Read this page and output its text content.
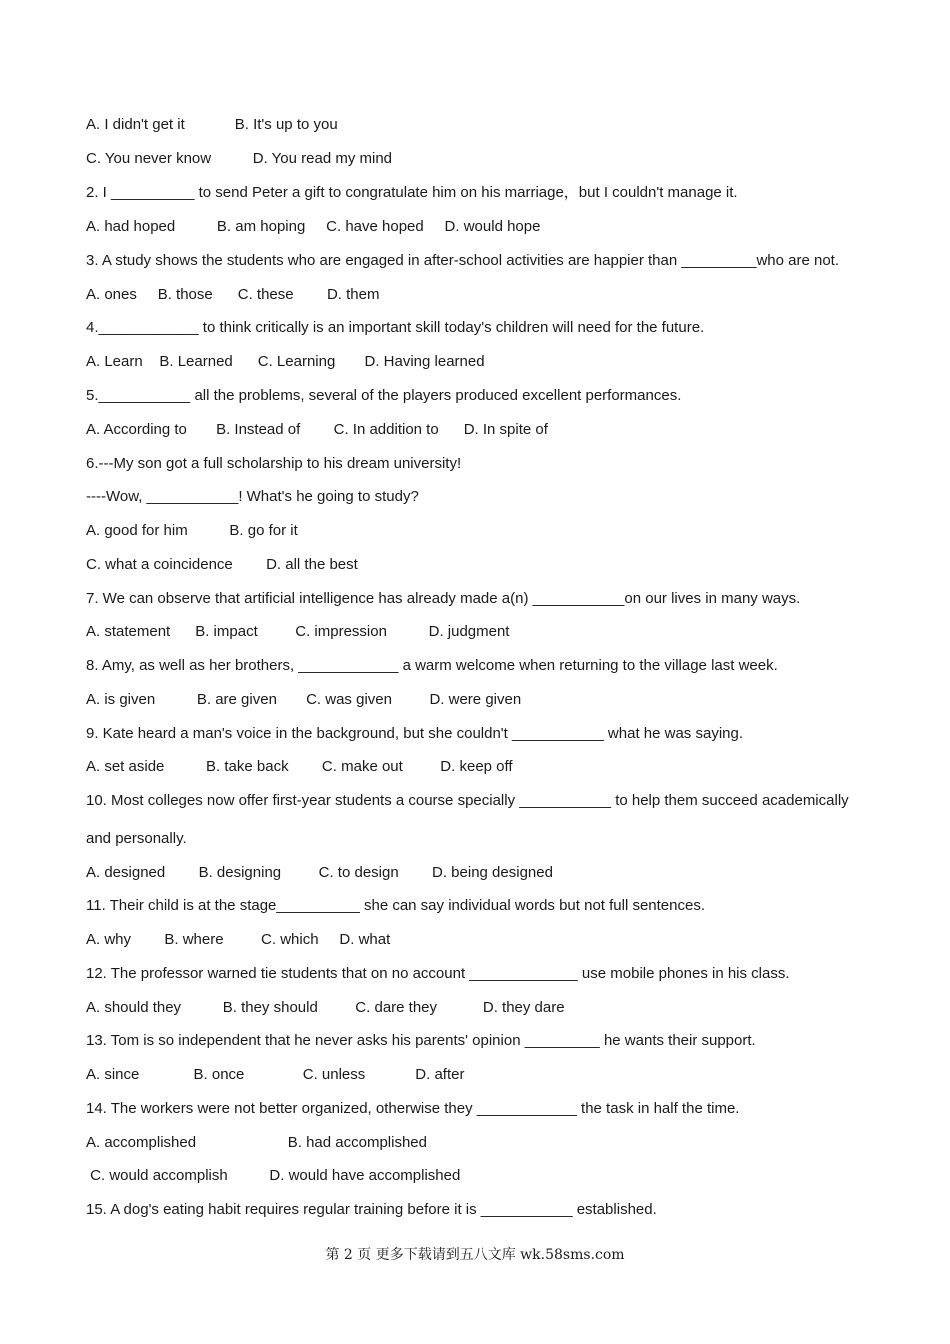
A. I didn't get it            B. It's up to you

C. You never know          D. You read my mind

2. I __________ to send Peter a gift to congratulate him on his marriage，but I couldn't manage it.

A. had hoped          B. am hoping     C. have hoped     D. would hope

3. A study shows the students who are engaged in after-school activities are happier than _________who are not.

A. ones     B. those      C. these        D. them

4.____________ to think critically is an important skill today's children will need for the future.

A. Learn    B. Learned      C. Learning       D. Having learned

5.___________ all the problems, several of the players produced excellent performances.

A. According to       B. Instead of        C. In addition to      D. In spite of

6.---My son got a full scholarship to his dream university!

----Wow, ___________! What's he going to study?

A. good for him          B. go for it

C. what a coincidence        D. all the best

7. We can observe that artificial intelligence has already made a(n) ___________on our lives in many ways.

A. statement      B. impact         C. impression          D. judgment

8. Amy, as well as her brothers, ____________ a warm welcome when returning to the village last week.

A. is given          B. are given       C. was given         D. were given

9. Kate heard a man's voice in the background, but she couldn't ___________ what he was saying.

A. set aside          B. take back        C. make out         D. keep off

10. Most colleges now offer first-year students a course specially ___________ to help them succeed academically

and personally.

A. designed        B. designing         C. to design        D. being designed

11. Their child is at the stage__________ she can say individual words but not full sentences.

A. why        B. where         C. which     D. what

12. The professor warned tie students that on no account _____________ use mobile phones in his class.

A. should they          B. they should         C. dare they           D. they dare

13. Tom is so independent that he never asks his parents' opinion _________ he wants their support.

A. since             B. once              C. unless            D. after

14. The workers were not better organized, otherwise they ____________ the task in half the time.

A. accomplished                      B. had accomplished

C. would accomplish          D. would have accomplished

15. A dog's eating habit requires regular training before it is ___________ established.

第 2 页 更多下载请到五八文库 wk.58sms.com
